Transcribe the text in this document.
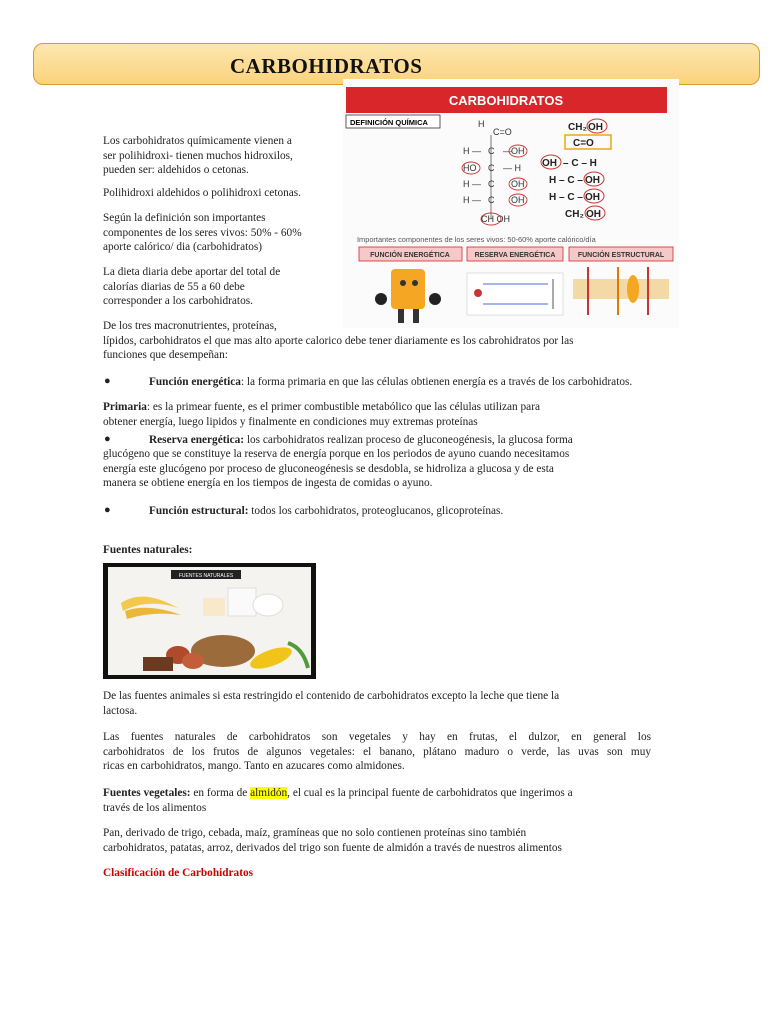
CARBOHIDRATOS
CARBOHIDRATOS
DEFINICIÓN QUÍMICA	H
C=O
H — C — OH
HO C — H
H — C OH
H — C OH
CH OH
CH₂ OH
C=O
OH – C – H
H – C – OH
H – C – OH
CH₂ OH
Importantes componentes de los seres vivos: 50-60% aporte calórico/día
FUNCIÓN ENERGÉTICA	RESERVA ENERGÉTICA	FUNCIÓN ESTRUCTURAL
Los carbohidratos químicamente vienen a
ser polihidroxi- tienen muchos hidroxilos,
pueden ser: aldehidos o cetonas.
Polihidroxi aldehidos o polihidroxi cetonas.
Según la definición son importantes
componentes de los seres vivos: 50% - 60%
aporte calórico/ dia (carbohidratos)
La dieta diaria debe aportar del total de
calorías diarias de 55 a 60 debe
corresponder a los carbohidratos.
De los tres macronutrientes, proteínas,
lípidos, carbohidratos el que mas alto aporte calorico debe tener diariamente es los cabrohidratos por las
funciones que desempeñan:
●	Función energética: la forma primaria en que las células obtienen energía es a través de los carbohidratos.
Primaria: es la primear fuente, es el primer combustible metabólico que las células utilizan para
obtener energía, luego lipidos y finalmente en condiciones muy extremas proteínas
●	Reserva energética: los carbohidratos realizan proceso de gluconeogénesis, la glucosa forma
glucógeno que se constituye la reserva de energía porque en los periodos de ayuno cuando necesitamos
energía este glucógeno por proceso de gluconeogénesis se desdobla, se hidroliza a glucosa y de esta
manera se obtiene energía en los tiempos de ingesta de comidas o ayuno.
●	Función estructural: todos los carbohidratos, proteoglucanos, glicoproteínas.
Fuentes naturales:
FUENTES NATURALES
De las fuentes animales si esta restringido el contenido de carbohidratos excepto la leche que tiene la
lactosa.
Las fuentes naturales de carbohidratos son vegetales y hay en frutas, el dulzor, en general los
carbohidratos de los frutos de algunos vegetales: el banano, plátano maduro o verde, las uvas son muy
ricas en carbohidratos, mango. Tanto en azucares como almidones.
Fuentes vegetales: en forma de almidón, el cual es la principal fuente de carbohidratos que ingerimos a
través de los alimentos
Pan, derivado de trigo, cebada, maíz, gramíneas que no solo contienen proteínas sino también
carbohidratos, patatas, arroz, derivados del trigo son fuente de almidón a través de nuestros alimentos
Clasificación de Carbohidratos
